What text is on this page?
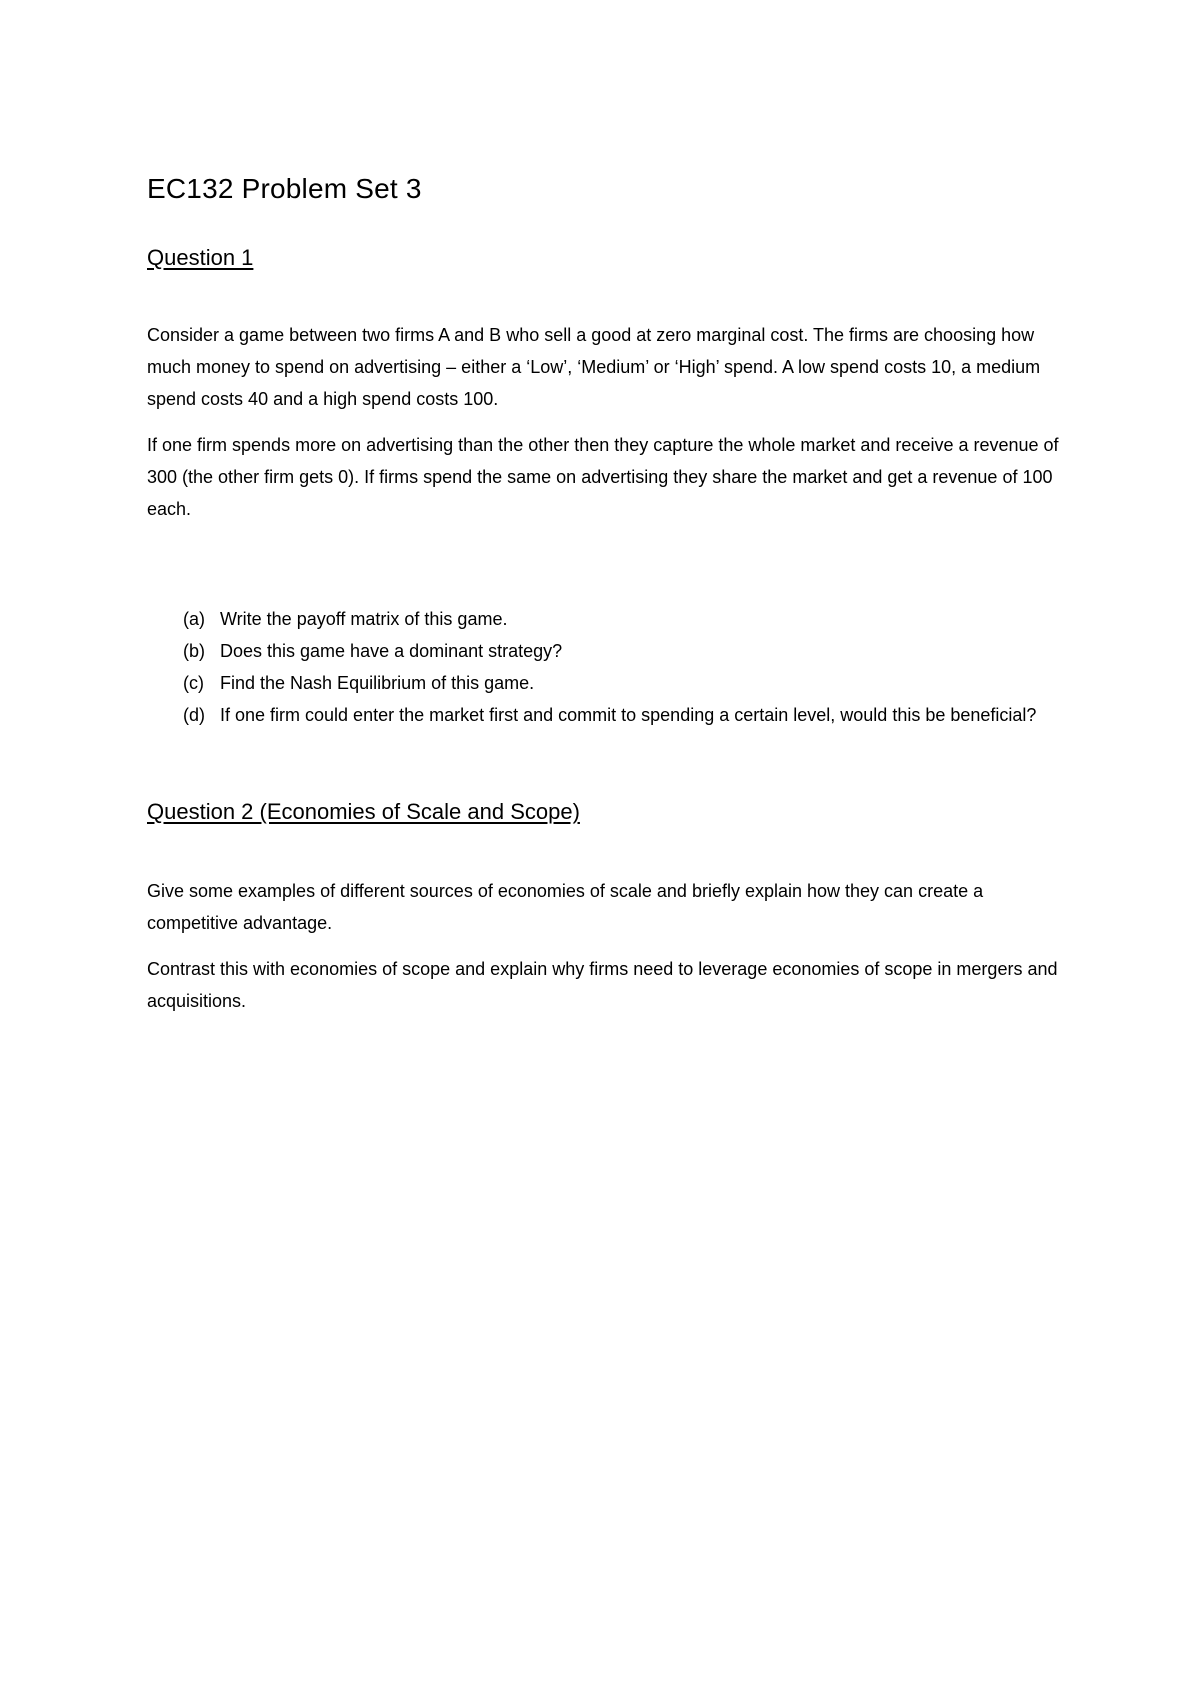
EC132 Problem Set 3
Question 1

Consider a game between two firms A and B who sell a good at zero marginal cost. The firms are choosing how much money to spend on advertising – either a ‘Low’, ‘Medium’ or ‘High’ spend. A low spend costs 10, a medium spend costs 40 and a high spend costs 100.

If one firm spends more on advertising than the other then they capture the whole market and receive a revenue of 300 (the other firm gets 0). If firms spend the same on advertising they share the market and get a revenue of 100 each.

(a) Write the payoff matrix of this game.
(b) Does this game have a dominant strategy?
(c) Find the Nash Equilibrium of this game.
(d) If one firm could enter the market first and commit to spending a certain level, would this be beneficial?
Question 2 (Economies of Scale and Scope)

Give some examples of different sources of economies of scale and briefly explain how they can create a competitive advantage.

Contrast this with economies of scope and explain why firms need to leverage economies of scope in mergers and acquisitions.
